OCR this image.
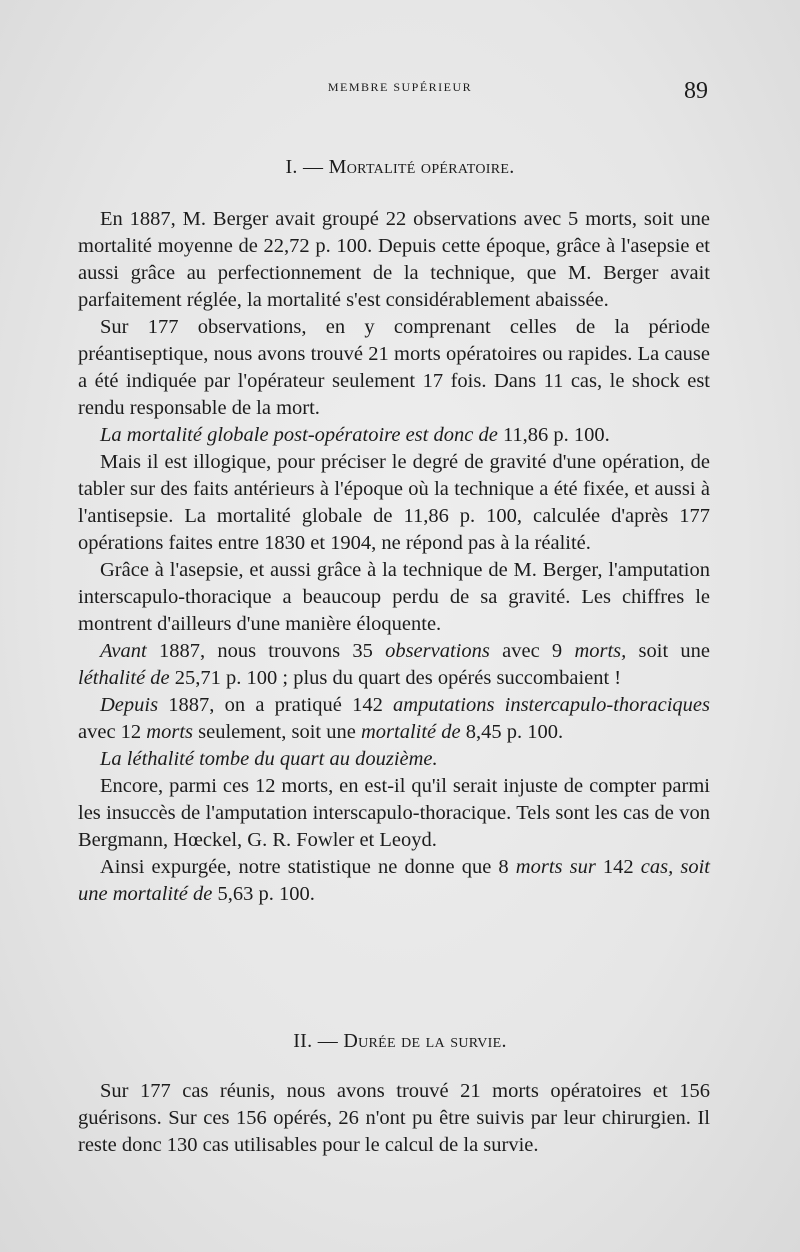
MEMBRE SUPÉRIEUR	89
I. — Mortalité opératoire.

En 1887, M. Berger avait groupé 22 observations avec 5 morts, soit une mortalité moyenne de 22,72 p. 100. Depuis cette époque, grâce à l'asepsie et aussi grâce au perfectionnement de la technique, que M. Berger avait parfaitement réglée, la mortalité s'est considérablement abaissée.

Sur 177 observations, en y comprenant celles de la période préantiseptique, nous avons trouvé 21 morts opératoires ou rapides. La cause a été indiquée par l'opérateur seulement 17 fois. Dans 11 cas, le shock est rendu responsable de la mort.

La mortalité globale post-opératoire est donc de 11,86 p. 100.

Mais il est illogique, pour préciser le degré de gravité d'une opération, de tabler sur des faits antérieurs à l'époque où la technique a été fixée, et aussi à l'antisepsie. La mortalité globale de 11,86 p. 100, calculée d'après 177 opérations faites entre 1830 et 1904, ne répond pas à la réalité.

Grâce à l'asepsie, et aussi grâce à la technique de M. Berger, l'amputation interscapulo-thoracique a beaucoup perdu de sa gravité. Les chiffres le montrent d'ailleurs d'une manière éloquente.

Avant 1887, nous trouvons 35 observations avec 9 morts, soit une léthalité de 25,71 p. 100 ; plus du quart des opérés succombaient !

Depuis 1887, on a pratiqué 142 amputations instercapulo-thoraciques avec 12 morts seulement, soit une mortalité de 8,45 p. 100.

La léthalité tombe du quart au douzième.

Encore, parmi ces 12 morts, en est-il qu'il serait injuste de compter parmi les insuccès de l'amputation interscapulo-thoracique. Tels sont les cas de von Bergmann, Hœckel, G. R. Fowler et Leoyd.

Ainsi expurgée, notre statistique ne donne que 8 morts sur 142 cas, soit une mortalité de 5,63 p. 100.

II. — Durée de la survie.

Sur 177 cas réunis, nous avons trouvé 21 morts opératoires et 156 guérisons. Sur ces 156 opérés, 26 n'ont pu être suivis par leur chirurgien. Il reste donc 130 cas utilisables pour le calcul de la survie.
